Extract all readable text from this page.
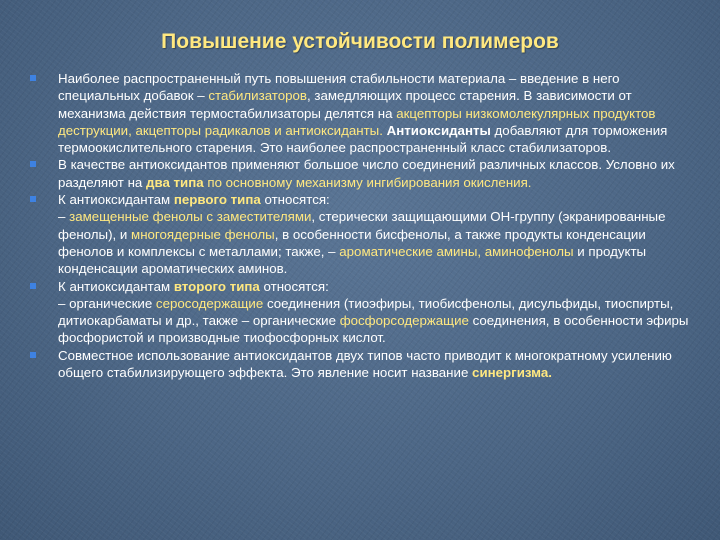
Повышение устойчивости полимеров

Наиболее распространенный путь повышения стабильности материала – введение в него специальных добавок – стабилизаторов, замедляющих процесс старения. В зависимости от механизма действия термостабилизаторы делятся на акцепторы низкомолекулярных продуктов деструкции, акцепторы радикалов и антиоксиданты. Антиоксиданты добавляют для торможения термоокислительного старения. Это наиболее распространенный класс стабилизаторов.

В качестве антиоксидантов применяют большое число соединений различных классов. Условно их разделяют на два типа по основному механизму ингибирования окисления.

К антиоксидантам первого типа относятся:
– замещенные фенолы с заместителями, стерически защищающими ОН-группу (экранированные фенолы), и многоядерные фенолы, в особенности бисфенолы, а также продукты конденсации фенолов и комплексы с металлами; также, – ароматические амины, аминофенолы и продукты конденсации ароматических аминов.

К антиоксидантам второго типа относятся:
– органические серосодержащие соединения (тиоэфиры, тиобисфенолы, дисульфиды, тиоспирты, дитиокарбаматы и др., также – органические фосфорсодержащие соединения, в особенности эфиры фосфористой и производные тиофосфорных кислот.

Совместное использование антиоксидантов двух типов часто приводит к многократному усилению общего стабилизирующего эффекта. Это явление носит название синергизма.
